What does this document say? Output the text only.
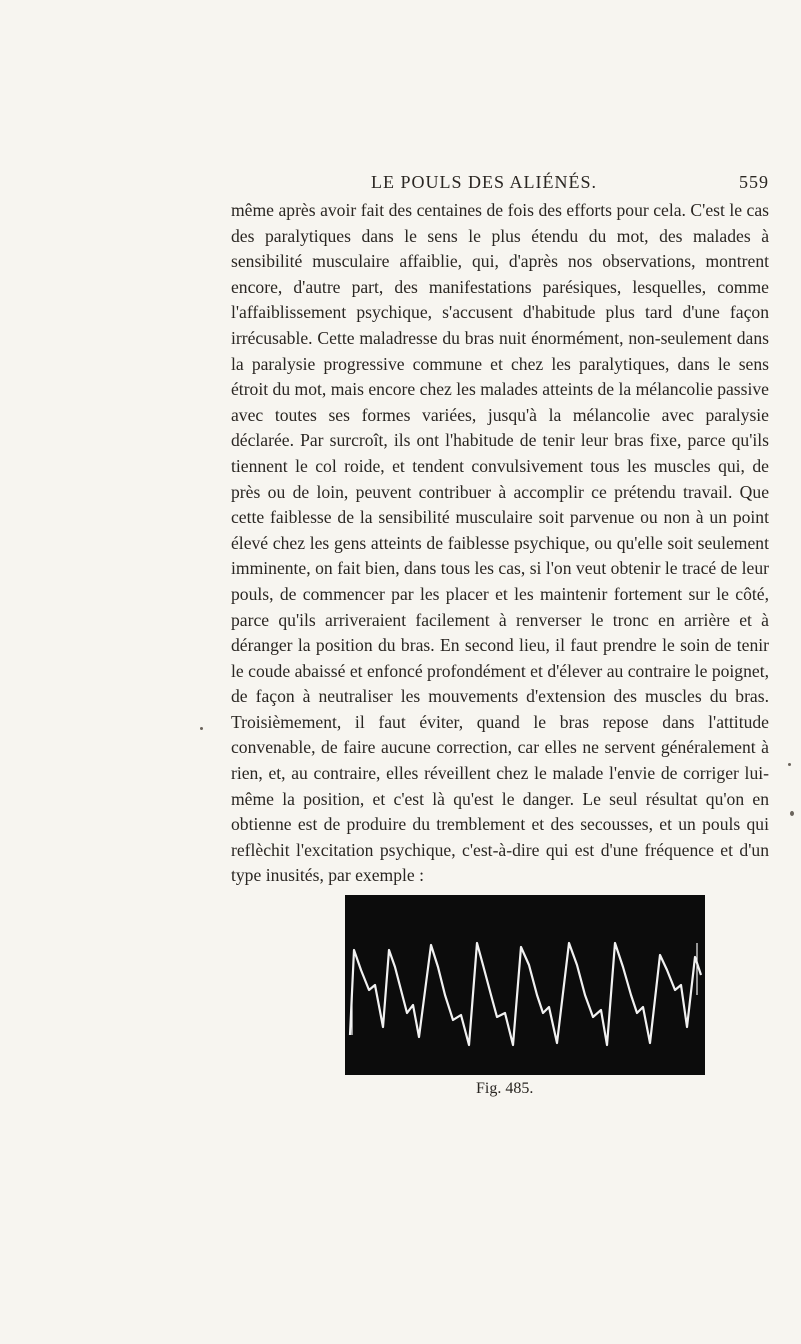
LE POULS DES ALIÉNÉS.	559

même après avoir fait des centaines de fois des efforts pour cela. C'est le cas des paralytiques dans le sens le plus étendu du mot, des malades à sensibilité musculaire affaiblie, qui, d'après nos observations, montrent encore, d'autre part, des manifestations parésiques, lesquelles, comme l'affaiblissement psychique, s'accusent d'habitude plus tard d'une façon irrécusable. Cette maladresse du bras nuit énormément, non-seulement dans la paralysie progressive commune et chez les paralytiques, dans le sens étroit du mot, mais encore chez les malades atteints de la mélancolie passive avec toutes ses formes variées, jusqu'à la mélancolie avec paralysie déclarée. Par surcroît, ils ont l'habitude de tenir leur bras fixe, parce qu'ils tiennent le col roide, et tendent convulsivement tous les muscles qui, de près ou de loin, peuvent contribuer à accomplir ce prétendu travail. Que cette faiblesse de la sensibilité musculaire soit parvenue ou non à un point élevé chez les gens atteints de faiblesse psychique, ou qu'elle soit seulement imminente, on fait bien, dans tous les cas, si l'on veut obtenir le tracé de leur pouls, de commencer par les placer et les maintenir fortement sur le côté, parce qu'ils arriveraient facilement à renverser le tronc en arrière et à déranger la position du bras. En second lieu, il faut prendre le soin de tenir le coude abaissé et enfoncé profondément et d'élever au contraire le poignet, de façon à neutraliser les mouvements d'extension des muscles du bras. Troisièmement, il faut éviter, quand le bras repose dans l'attitude convenable, de faire aucune correction, car elles ne servent généralement à rien, et, au contraire, elles réveillent chez le malade l'envie de corriger lui-même la position, et c'est là qu'est le danger. Le seul résultat qu'on en obtienne est de produire du tremblement et des secousses, et un pouls qui reflèchit l'excitation psychique, c'est-à-dire qui est d'une fréquence et d'un type inusités, par exemple :

Fig. 485.
